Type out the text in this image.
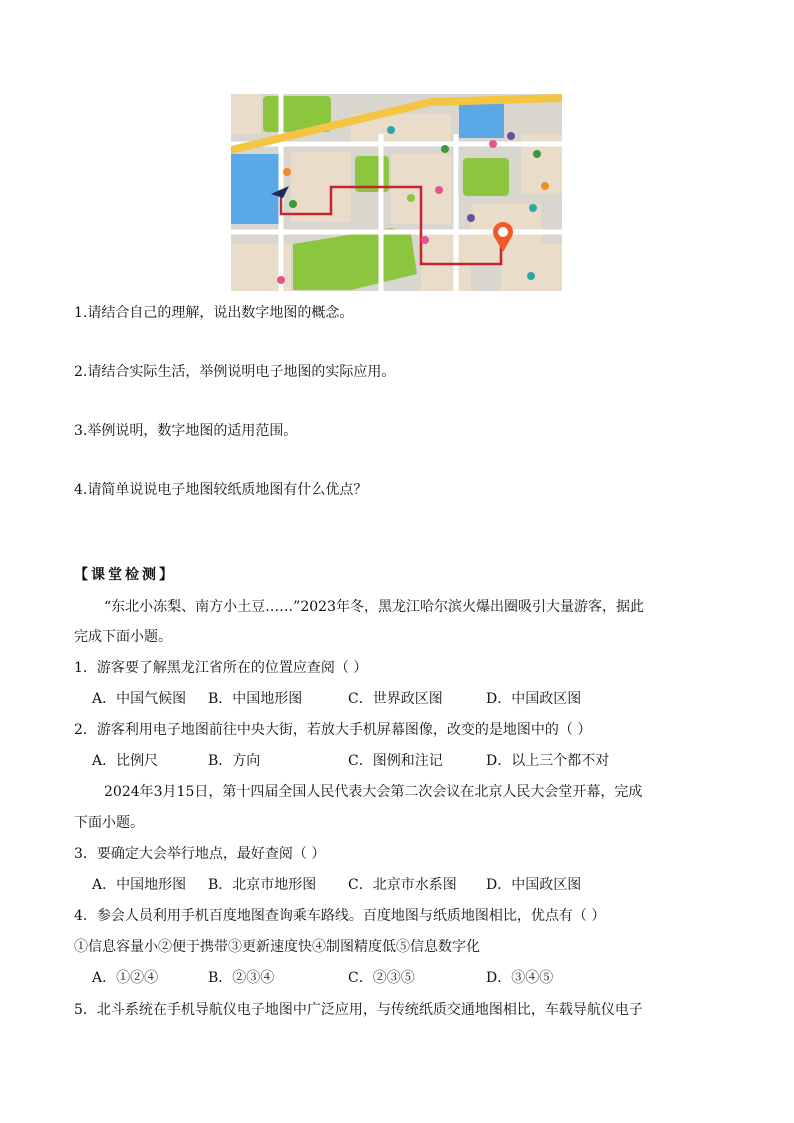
1.请结合自己的理解，说出数字地图的概念。
2.请结合实际生活，举例说明电子地图的实际应用。
3.举例说明，数字地图的适用范围。
4.请简单说说电子地图较纸质地图有什么优点？
【课堂检测】
“东北小冻梨、南方小土豆……”2023年冬，黑龙江哈尔滨火爆出圈吸引大量游客，据此
完成下面小题。
1．游客要了解黑龙江省所在的位置应查阅（ ）
A．中国气候图 B．中国地形图	C．世界政区图	D．中国政区图
2．游客利用电子地图前往中央大街，若放大手机屏幕图像，改变的是地图中的（ ）
A．比例尺	B．方向	C．图例和注记	D．以上三个都不对
2024年3月15日，第十四届全国人民代表大会第二次会议在北京人民大会堂开幕，完成
下面小题。
3．要确定大会举行地点，最好查阅（ ）
A．中国地形图 B．北京市地形图 C．北京市水系图 D．中国政区图
4．参会人员利用手机百度地图查询乘车路线。百度地图与纸质地图相比，优点有（ ）
①信息容量小②便于携带③更新速度快④制图精度低⑤信息数字化
A．①②④	B．②③④	C．②③⑤	D．③④⑤
5．北斗系统在手机导航仪电子地图中广泛应用，与传统纸质交通地图相比，车载导航仪电子
